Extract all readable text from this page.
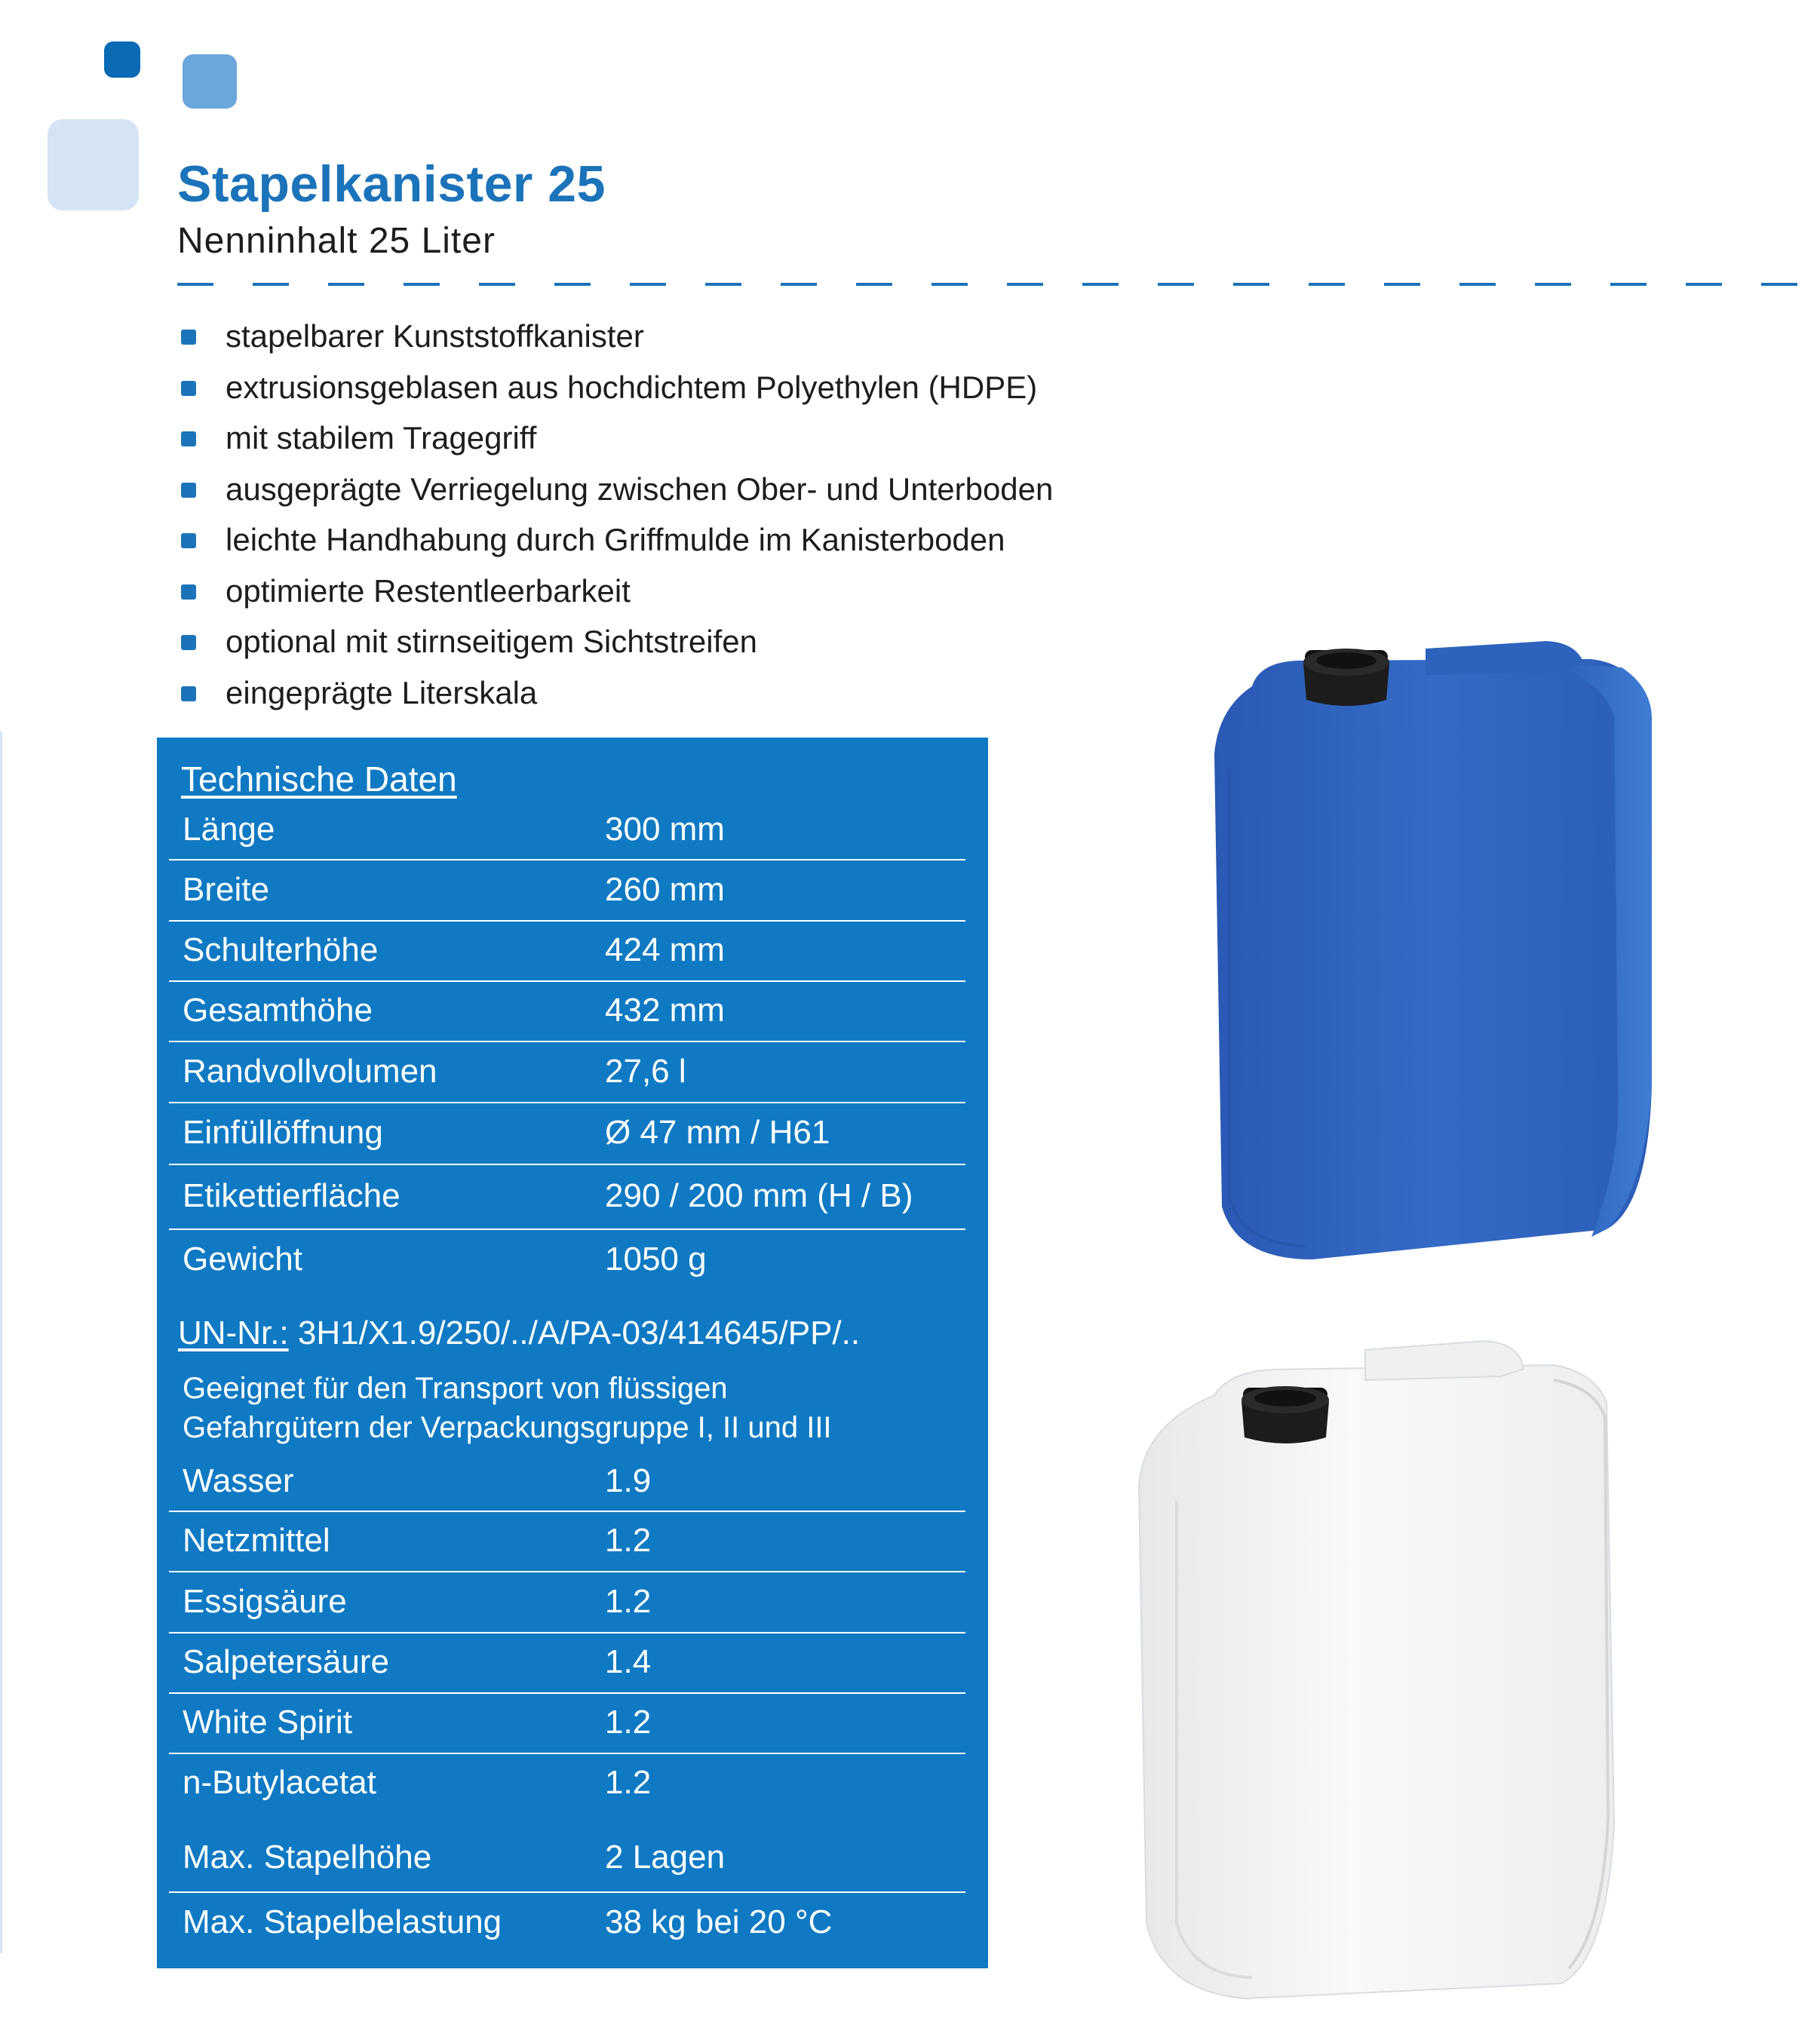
Stapelkanister 25

Nenninhalt 25 Liter

stapelbarer Kunststoffkanister
extrusionsgeblasen aus hochdichtem Polyethylen (HDPE)
mit stabilem Tragegriff
ausgeprägte Verriegelung zwischen Ober- und Unterboden
leichte Handhabung durch Griffmulde im Kanisterboden
optimierte Restentleerbarkeit
optional mit stirnseitigem Sichtstreifen
eingeprägte Literskala
Technische Daten
Länge	300 mm
Breite	260 mm
Schulterhöhe	424 mm
Gesamthöhe	432 mm
Randvollvolumen	27,6 l
Einfüllöffnung	Ø 47 mm / H61
Etikettierfläche	290 / 200 mm (H / B)
Gewicht	1050 g
UN-Nr.: 3H1/X1.9/250/../A/PA-03/414645/PP/..
Geeignet für den Transport von flüssigen
Gefahrgütern der Verpackungsgruppe I, II und III
Wasser	1.9
Netzmittel	1.2
Essigsäure	1.2
Salpetersäure	1.4
White Spirit	1.2
n-Butylacetat	1.2
Max. Stapelhöhe	2 Lagen
Max. Stapelbelastung	38 kg bei 20 °C
